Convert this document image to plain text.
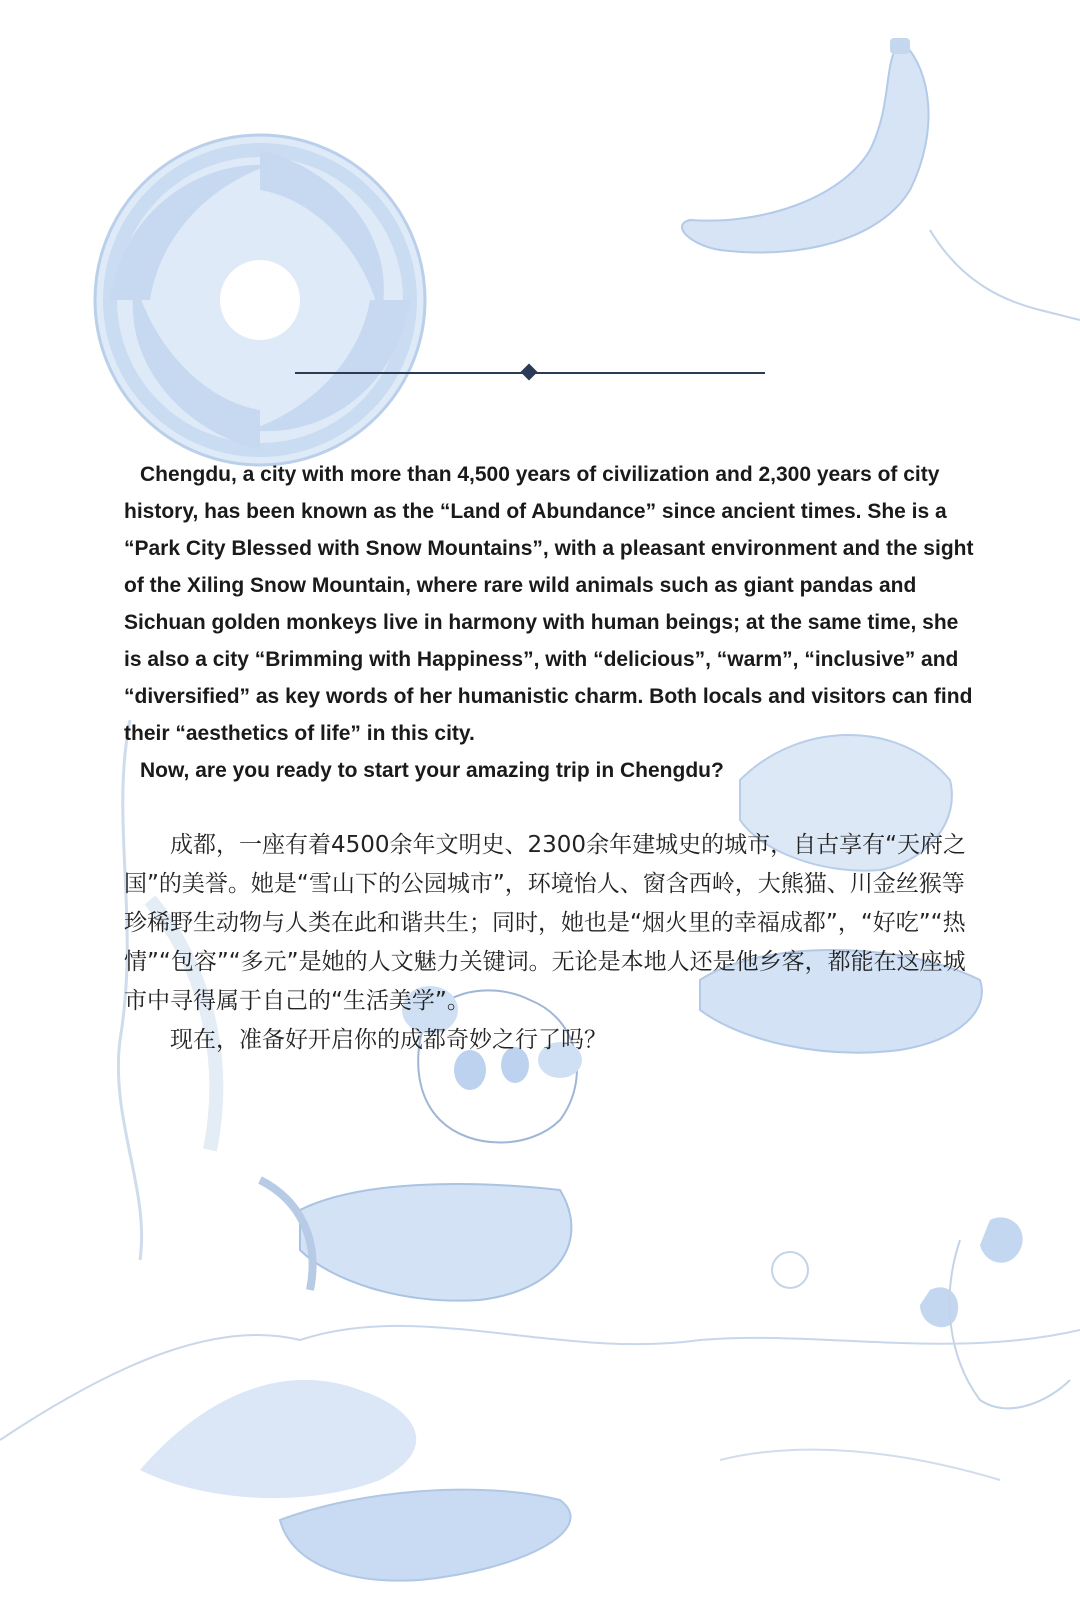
Chengdu, a city with more than 4,500 years of civilization and 2,300 years of city history, has been known as the “Land of Abundance” since ancient times. She is a “Park City Blessed with Snow Mountains”, with a pleasant environment and the sight of the Xiling Snow Mountain, where rare wild animals such as giant pandas and Sichuan golden monkeys live in harmony with human beings; at the same time, she is also a city “Brimming with Happiness”, with “delicious”, “warm”, “inclusive” and “diversified” as key words of her humanistic charm. Both locals and visitors can find their “aesthetics of life” in this city.

Now, are you ready to start your amazing trip in Chengdu?

成都，一座有着4500余年文明史、2300余年建城史的城市，自古享有“天府之国”的美誉。她是“雪山下的公园城市”，环境怡人、窗含西岭，大熊猫、川金丝猴等珍稀野生动物与人类在此和谐共生；同时，她也是“烟火里的幸福成都”，“好吃”“热情”“包容”“多元”是她的人文魅力关键词。无论是本地人还是他乡客，都能在这座城市中寻得属于自己的“生活美学”。

现在，准备好开启你的成都奇妙之行了吗？
